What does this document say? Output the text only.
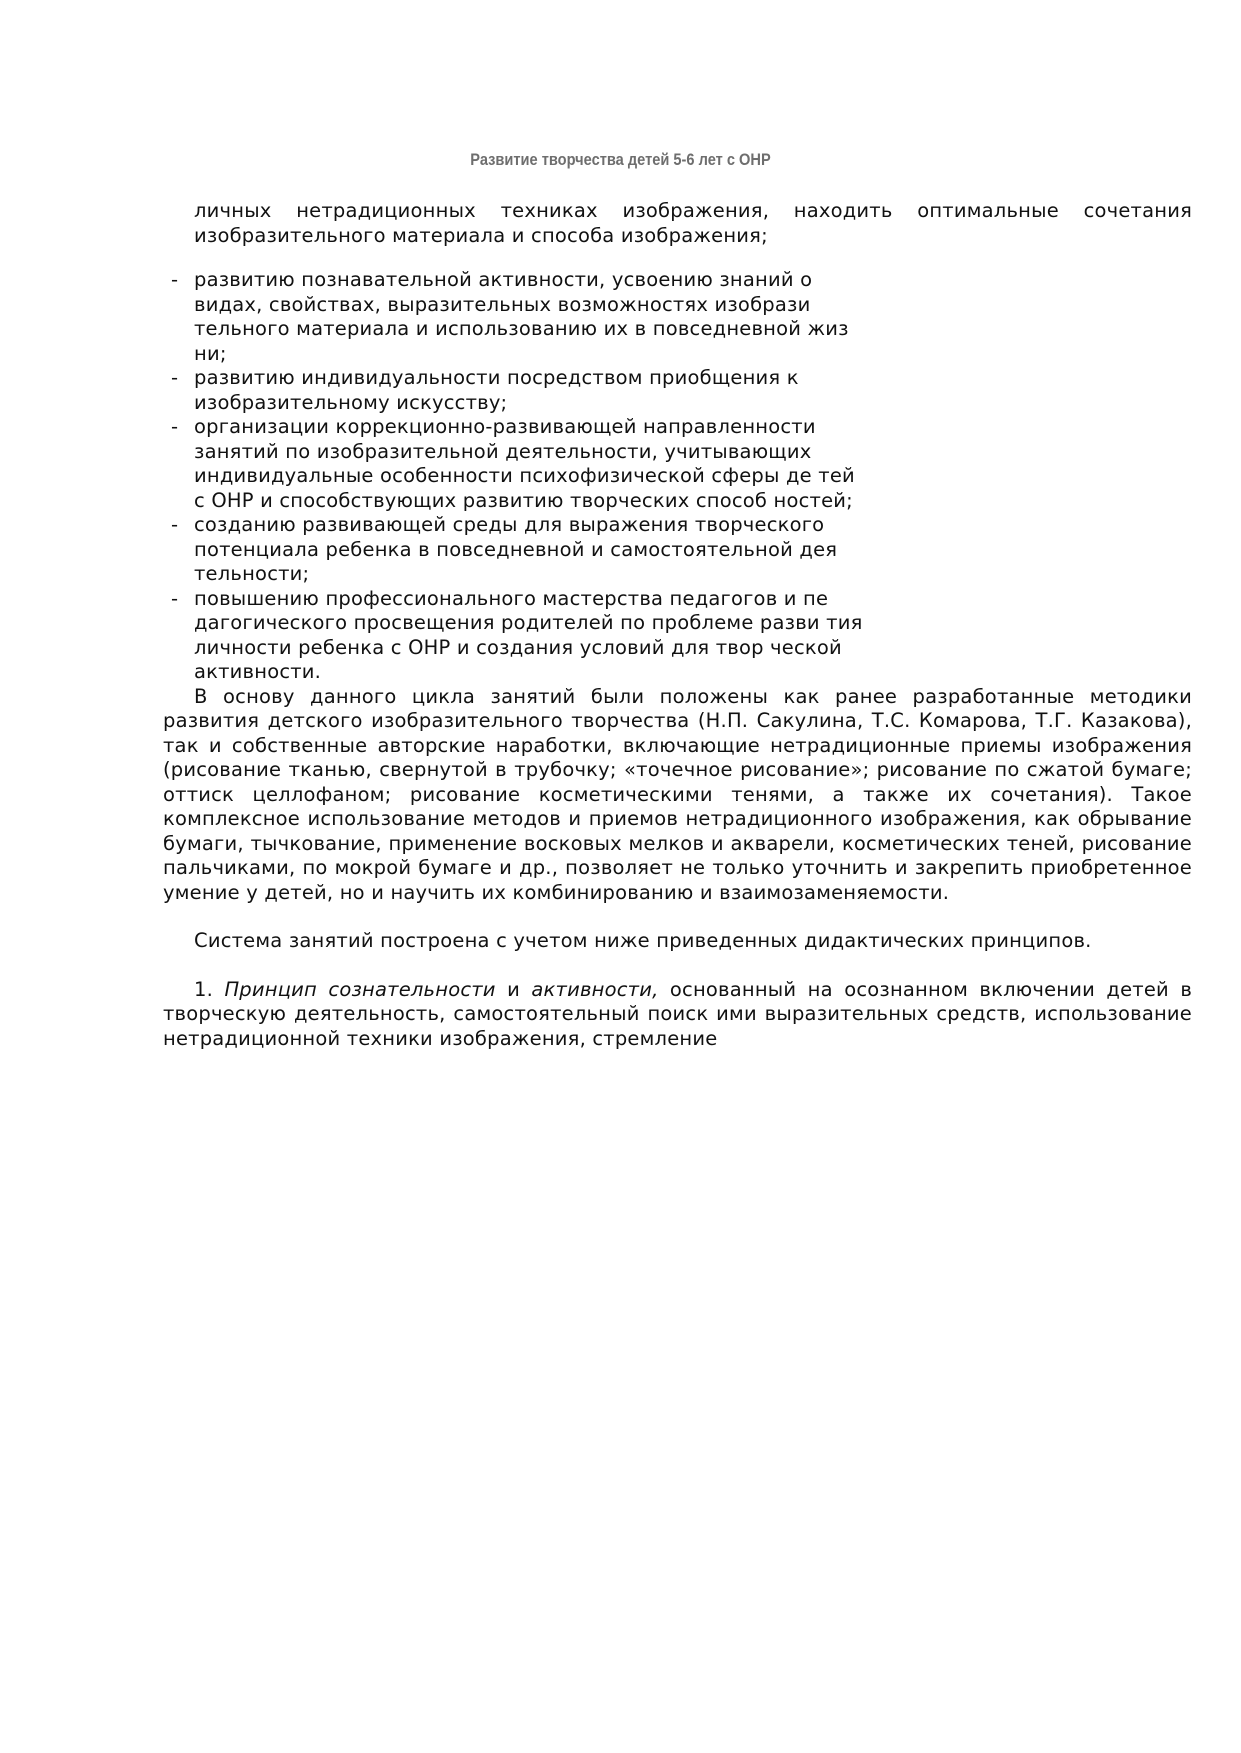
Развитие творчества детей 5-6 лет с ОНР

личных нетрадиционных техниках изображения, находить оптимальные сочетания изобразительного материала и способа изображения;

- развитию познавательной активности, усвоению знаний о видах, свойствах, выразительных возможностях изобрази тельного материала и использованию их в повседневной жиз ни;
- развитию индивидуальности посредством приобщения к изобразительному искусству;
- организации коррекционно-развивающей направленности занятий по изобразительной деятельности, учитывающих индивидуальные особенности психофизической сферы де тей с ОНР и способствующих развитию творческих способ ностей;
- созданию развивающей среды для выражения творческого потенциала ребенка в повседневной и самостоятельной дея тельности;
- повышению профессионального мастерства педагогов и пе дагогического просвещения родителей по проблеме разви тия личности ребенка с ОНР и создания условий для твор ческой активности.

В основу данного цикла занятий были положены как ранее разработанные методики развития детского изобразительного творчества (Н.П. Сакулина, Т.С. Комарова, Т.Г. Казакова), так и собственные авторские наработки, включающие нетрадиционные приемы изображения (рисование тканью, свернутой в трубочку; «точечное рисование»; рисование по сжатой бумаге; оттиск целлофаном; рисование косметическими тенями, а также их сочетания). Такое комплексное использование методов и приемов нетрадиционного изображения, как обрывание бумаги, тычкование, применение восковых мелков и акварели, косметических теней, рисование пальчиками, по мокрой бумаге и др., позволяет не только уточнить и закрепить приобретенное умение у детей, но и научить их комбинированию и взаимозаменяемости.

Система занятий построена с учетом ниже приведенных дидактических принципов.

1. Принцип сознательности и активности, основанный на осознанном включении детей в творческую деятельность, самостоятельный поиск ими выразительных средств, использование нетрадиционной техники изображения, стремление
